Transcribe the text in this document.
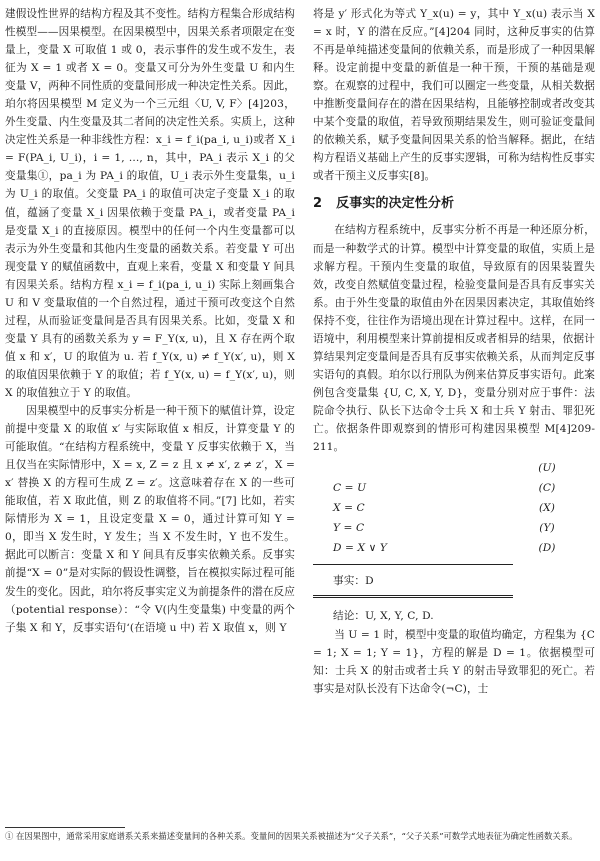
建假设性世界的结构方程及其不变性。结构方程集合形成结构性模型——因果模型。在因果模型中，因果关系者项限定在变量上，变量 X 可取值 1 或 0，表示事件的发生或不发生，表征为 X = 1 或者 X = 0。变量又可分为外生变量 U 和内生变量 V，两种不同性质的变量间形成一种决定性关系。因此，珀尔将因果模型 M 定义为一个三元组〈U, V, F〉[4]203，外生变量、内生变量及其二者间的决定性关系。实质上，这种决定性关系是一种非线性方程：x_i = f_i(pa_i, u_i)或者 X_i = F(PA_i, U_i)，i = 1, …, n，其中，PA_i 表示 X_i 的父变量集①，pa_i 为 PA_i 的取值，U_i 表示外生变量集，u_i 为 U_i 的取值。父变量 PA_i 的取值可决定子变量 X_i 的取值，蕴涵了变量 X_i 因果依赖于变量 PA_i，或者变量 PA_i 是变量 X_i 的直接原因。模型中的任何一个内生变量都可以表示为外生变量和其他内生变量的函数关系。若变量 Y 可出现变量 Y 的赋值函数中，直观上来看，变量 X 和变量 Y 间具有因果关系。结构方程 x_i = f_i(pa_i, u_i) 实际上刻画集合 U 和 V 变量取值的一个自然过程，通过干预可改变这个自然过程，从而验证变量间是否具有因果关系。比如，变量 X 和变量 Y 具有的函数关系为 y = F_Y(x, u)，且 X 存在两个取值 x 和 x′，U 的取值为 u. 若 f_Y(x, u) ≠ f_Y(x′, u)，则 X 的取值因果依赖于 Y 的取值；若 f_Y(x, u) = f_Y(x′, u)，则 X 的取值独立于 Y 的取值。

因果模型中的反事实分析是一种干预下的赋值计算，设定前提中变量 X 的取值 x′ 与实际取值 x 相反，计算变量 Y 的可能取值。“在结构方程系统中，变量 Y 反事实依赖于 X，当且仅当在实际情形中，X = x, Z = z 且 x ≠ x′, z ≠ z′，X = x′ 替换 X 的方程可生成 Z = z′。这意味着存在 X 的一些可能取值，若 X 取此值，则 Z 的取值将不同。”[7] 比如，若实际情形为 X = 1，且设定变量 X = 0，通过计算可知 Y = 0，即当 X 发生时，Y 发生；当 X 不发生时，Y 也不发生。据此可以断言：变量 X 和 Y 间具有反事实依赖关系。反事实前提“X = 0”是对实际的假设性调整，旨在模拟实际过程可能发生的变化。因此，珀尔将反事实定义为前提条件的潜在反应（potential response）：“令 V(内生变量集) 中变量的两个子集 X 和 Y，反事实语句‘(在语境 u 中) 若 X 取值 x，则 Y

将是 y′ 形式化为等式 Y_x(u) = y，其中 Y_x(u) 表示当 X = x 时，Y 的潜在反应。”[4]204 同时，这种反事实的估算不再是单纯描述变量间的依赖关系，而是形成了一种因果解释。设定前提中变量的新值是一种干预，干预的基础是观察。在观察的过程中，我们可以圈定一些变量，从相关数据中推断变量间存在的潜在因果结构，且能够控制或者改变其中某个变量的取值，若导致预期结果发生，则可验证变量间的依赖关系，赋予变量间因果关系的恰当解释。据此，在结构方程语义基础上产生的反事实逻辑，可称为结构性反事实或者干预主义反事实[8]。

2 反事实的决定性分析

在结构方程系统中，反事实分析不再是一种还原分析，而是一种数学式的计算。模型中计算变量的取值，实质上是求解方程。干预内生变量的取值，导致原有的因果装置失效，改变自然赋值变量过程，检验变量间是否具有反事实关系。由于外生变量的取值由外在因果因素决定，其取值始终保持不变，往往作为语境出现在计算过程中。这样，在同一语境中，利用模型来计算前提相反或者相异的结果，依据计算结果判定变量间是否具有反事实依赖关系，从而判定反事实语句的真假。珀尔以行刑队为例来估算反事实语句。此案例包含变量集 {U, C, X, Y, D}，变量分别对应于事件：法院命令执行、队长下达命令士兵 X 和士兵 Y 射击、罪犯死亡。依据条件即观察到的情形可构建因果模型 M[4]209-211。

(U)
C = U	(C)
X = C	(X)
Y = C	(Y)
D = X ∨ Y	(D)
事实：D
结论：U, X, Y, C, D.

当 U = 1 时，模型中变量的取值均确定，方程集为 {C = 1; X = 1; Y = 1}，方程的解是 D = 1。依据模型可知：士兵 X 的射击或者士兵 Y 的射击导致罪犯的死亡。若事实是对队长没有下达命令(¬C)，士

① 在因果图中，通常采用家庭谱系关系来描述变量间的各种关系。变量间的因果关系被描述为“父子关系”，“父子关系”可数学式地表征为确定性函数关系。
